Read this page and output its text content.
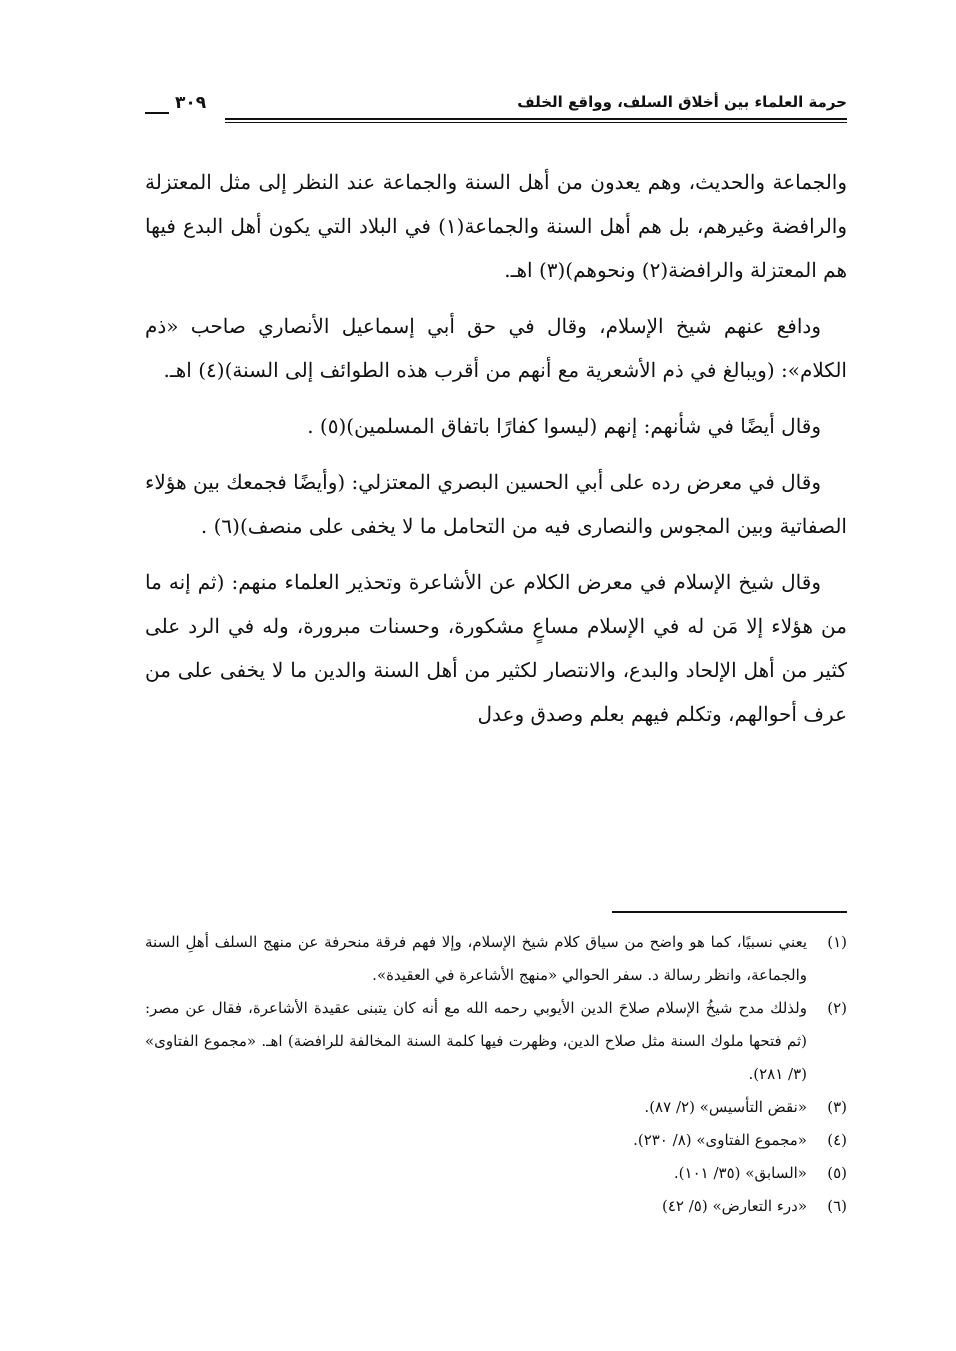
حرمة العلماء بين أخلاق السلف، وواقع الخلف
٣٠٩

والجماعة والحديث، وهم يعدون من أهل السنة والجماعة عند النظر إلى مثل المعتزلة والرافضة وغيرهم، بل هم أهل السنة والجماعة(١) في البلاد التي يكون أهل البدع فيها هم المعتزلة والرافضة(٢) ونحوهم)(٣) اهـ.

ودافع عنهم شيخ الإسلام، وقال في حق أبي إسماعيل الأنصاري صاحب «ذم الكلام»: (ويبالغ في ذم الأشعرية مع أنهم من أقرب هذه الطوائف إلى السنة)(٤) اهـ.

وقال أيضًا في شأنهم: إنهم (ليسوا كفارًا باتفاق المسلمين)(٥) .

وقال في معرض رده على أبي الحسين البصري المعتزلي: (وأيضًا فجمعك بين هؤلاء الصفاتية وبين المجوس والنصارى فيه من التحامل ما لا يخفى على منصف)(٦) .

وقال شيخ الإسلام في معرض الكلام عن الأشاعرة وتحذير العلماء منهم: (ثم إنه ما من هؤلاء إلا مَن له في الإسلام مساعٍ مشكورة، وحسنات مبرورة، وله في الرد على كثير من أهل الإلحاد والبدع، والانتصار لكثير من أهل السنة والدين ما لا يخفى على من عرف أحوالهم، وتكلم فيهم بعلم وصدق وعدل

(١)
يعني نسبيًا، كما هو واضح من سياق كلام شيخ الإسلام، وإلا فهم فرقة منحرفة عن منهج السلف أهلِ السنة والجماعة، وانظر رسالة د. سفر الحوالي «منهج الأشاعرة في العقيدة».
(٢)
ولذلك مدح شيخُ الإسلام صلاحَ الدين الأيوبي رحمه الله مع أنه كان يتبنى عقيدة الأشاعرة، فقال عن مصر: (ثم فتحها ملوك السنة مثل صلاح الدين، وظهرت فيها كلمة السنة المخالفة للرافضة) اهـ. «مجموع الفتاوى» (٣/ ٢٨١).
(٣)
«نقض التأسيس» (٢/ ٨٧).
(٤)
«مجموع الفتاوى» (٨/ ٢٣٠).
(٥)
«السابق» (٣٥/ ١٠١).
(٦)
«درء التعارض» (٥/ ٤٢)
